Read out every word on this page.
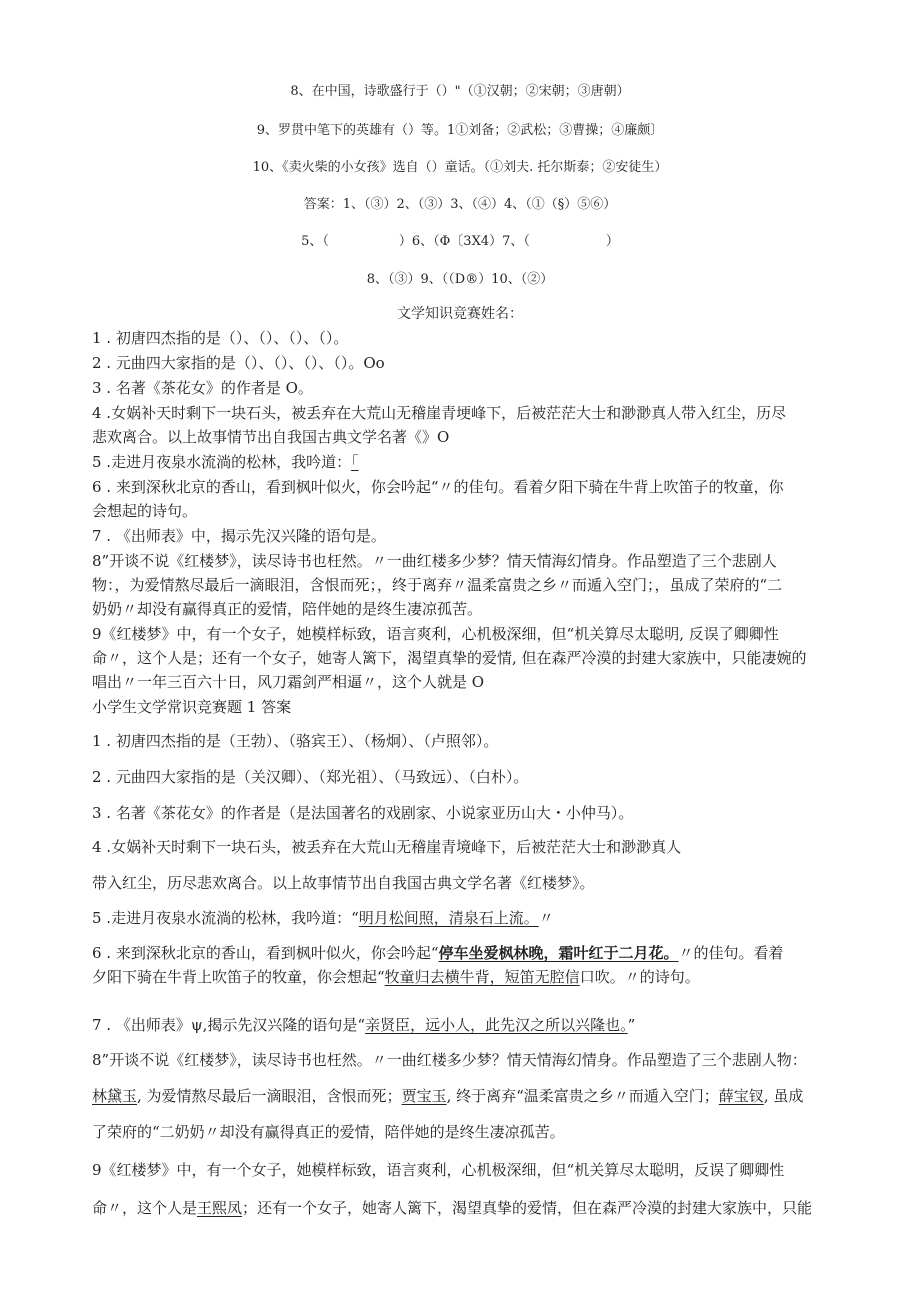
8、在中国，诗歌盛行于（）"（①汉朝；②宋朝；③唐朝）
9、罗贯中笔下的英雄有（）等。1①刘备；②武松；③曹操；④廉颇〕
10、《卖火柴的小女孩》选自（）童话。（①刘夫. 托尔斯泰；②安徒生）
答案：1、（③）2、（③）3、（④）4、（①（§）⑤⑥）
5、（	）6、（Φ〔3X4）7、（	）
8、（③）9、（（D®）10、（②）
文学知识竞赛姓名：
1 . 初唐四杰指的是（）、（）、（）、（）。
2 . 元曲四大家指的是（）、（）、（）、（）。Oo
3 . 名著《茶花女》的作者是 O。
4 .女娲补天时剩下一块石头，被丢弃在大荒山无稽崖青埂峰下，后被茫茫大士和渺渺真人带入红尘，历尽
悲欢离合。以上故事情节出自我国古典文学名著《》O
5 .走进月夜泉水流淌的松林，我吟道：「
6 . 来到深秋北京的香山，看到枫叶似火，你会吟起“〃的佳句。看着夕阳下骑在牛背上吹笛子的牧童，你
会想起的诗句。
7 . 《出师表》中，揭示先汉兴隆的语句是。
8”开谈不说《红楼梦》，读尽诗书也枉然。〃一曲红楼多少梦？情天情海幻情身。作品塑造了三个悲剧人
物：，为爱情熬尽最后一滴眼泪，含恨而死；，终于离弃〃温柔富贵之乡〃而遁入空门；，虽成了荣府的“二
奶奶〃却没有赢得真正的爱情，陪伴她的是终生凄凉孤苦。
9《红楼梦》中，有一个女子，她模样标致，语言爽利，心机极深细，但“机关算尽太聪明, 反误了卿卿性
命〃，这个人是；还有一个女子，她寄人篱下，渴望真挚的爱情, 但在森严冷漠的封建大家族中，只能凄婉的
唱出〃一年三百六十日，风刀霜剑严相逼〃，这个人就是 O
小学生文学常识竞赛题 1 答案
1 . 初唐四杰指的是（王勃）、（骆宾王）、（杨炯）、（卢照邻）。
2 . 元曲四大家指的是（关汉卿）、（郑光祖）、（马致远）、（白朴）。
3 . 名著《茶花女》的作者是（是法国著名的戏剧家、小说家亚历山大・小仲马）。
4 .女娲补天时剩下一块石头，被丢弃在大荒山无稽崖青境峰下，后被茫茫大士和渺渺真人
带入红尘，历尽悲欢离合。以上故事情节出自我国古典文学名著《红楼梦》。
5 .走进月夜泉水流淌的松林，我吟道：“明月松间照，清泉石上流。〃
6 . 来到深秋北京的香山，看到枫叶似火，你会吟起“停车坐爱枫林晚，霜叶红于二月花。〃的佳句。看着
夕阳下骑在牛背上吹笛子的牧童，你会想起“牧童归去横牛背，短笛无腔信口吹。〃的诗句。
7 . 《出师表》ψ,揭示先汉兴隆的语句是“亲贤臣，远小人，此先汉之所以兴隆也。”
8”开谈不说《红楼梦》，读尽诗书也枉然。〃一曲红楼多少梦？情天情海幻情身。作品塑造了三个悲剧人物：
林黛玉, 为爱情熬尽最后一滴眼泪，含恨而死；贾宝玉, 终于离弃“温柔富贵之乡〃而遁入空门；薛宝钗, 虽成
了荣府的“二奶奶〃却没有赢得真正的爱情，陪伴她的是终生凄凉孤苦。
9《红楼梦》中，有一个女子，她模样标致，语言爽利，心机极深细，但“机关算尽太聪明，反误了卿卿性
命〃，这个人是王熙凤；还有一个女子，她寄人篱下，渴望真挚的爱情，但在森严冷漠的封建大家族中，只能
